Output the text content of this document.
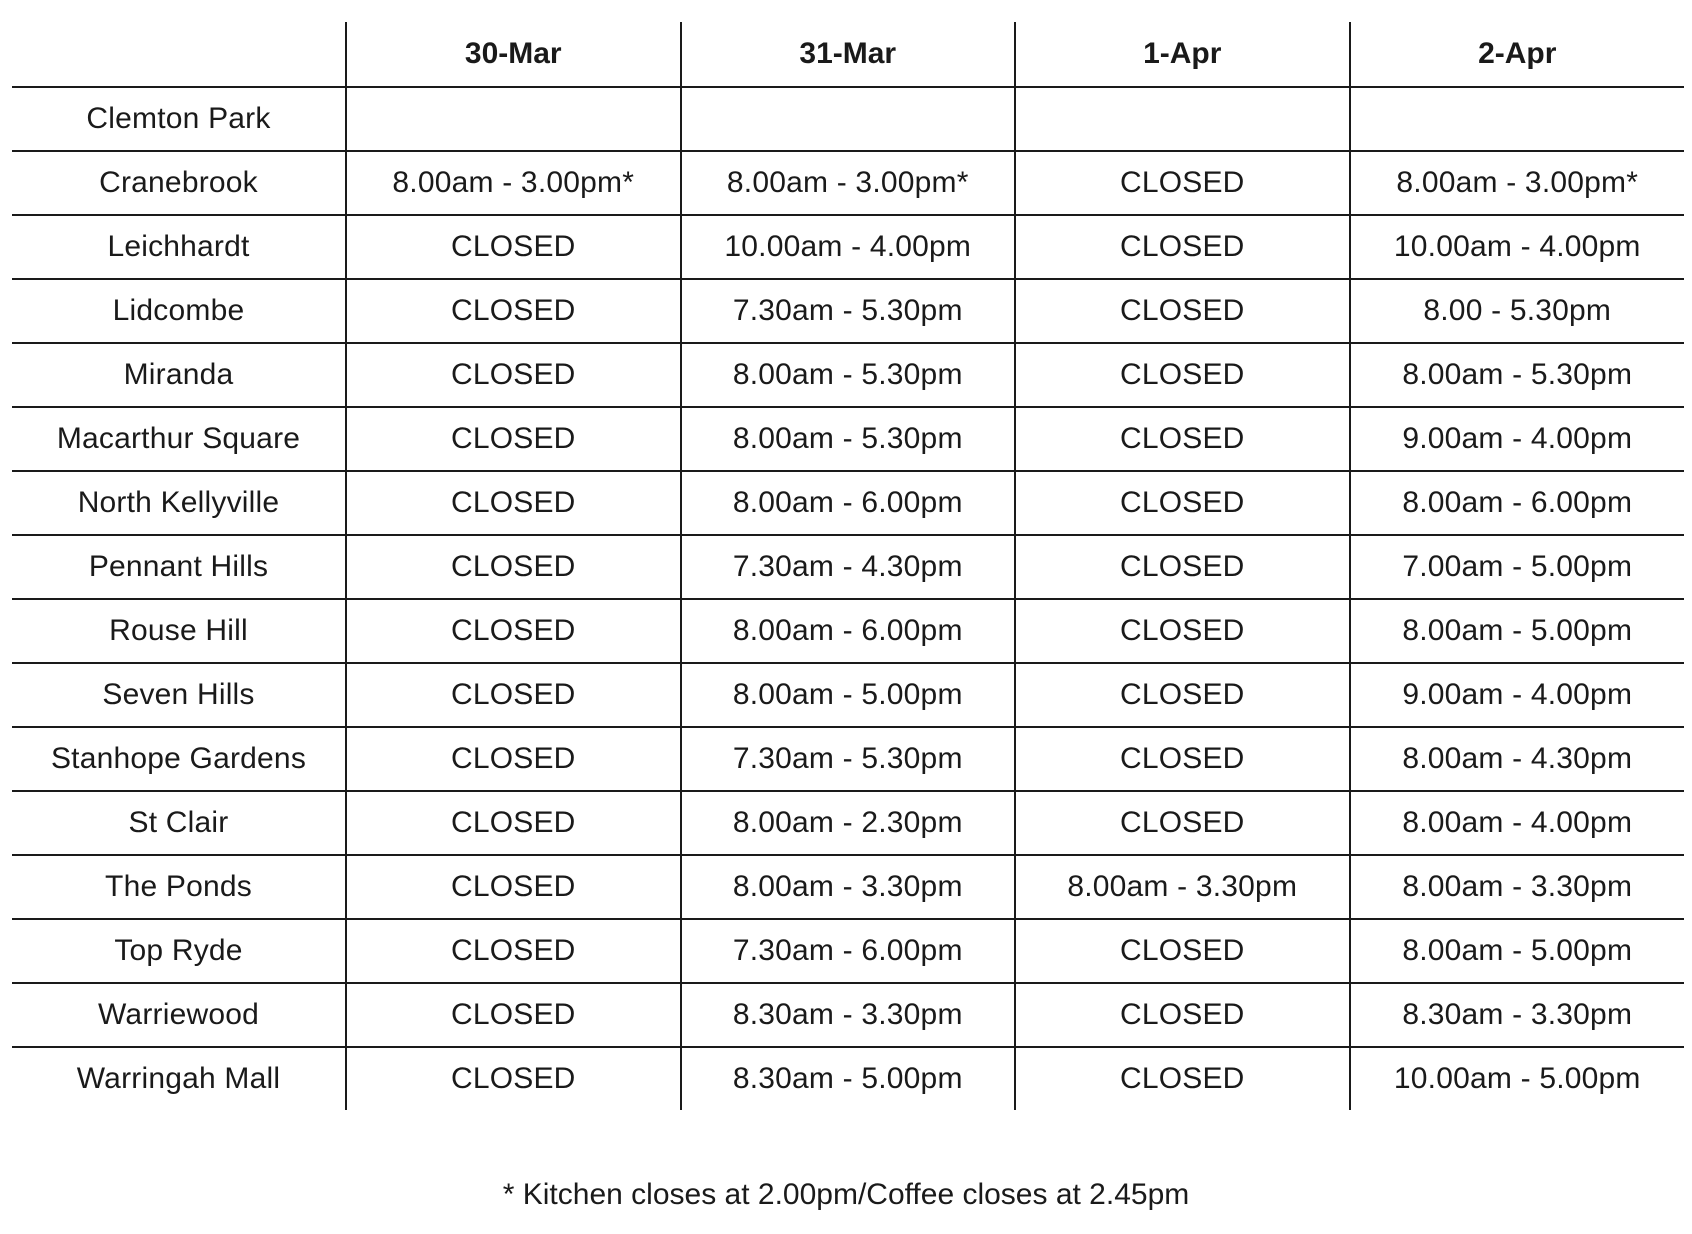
	30-Mar	31-Mar	1-Apr	2-Apr
Clemton Park				
Cranebrook	8.00am - 3.00pm*	8.00am - 3.00pm*	CLOSED	8.00am - 3.00pm*
Leichhardt	CLOSED	10.00am - 4.00pm	CLOSED	10.00am - 4.00pm
Lidcombe	CLOSED	7.30am - 5.30pm	CLOSED	8.00 - 5.30pm
Miranda	CLOSED	8.00am - 5.30pm	CLOSED	8.00am - 5.30pm
Macarthur Square	CLOSED	8.00am - 5.30pm	CLOSED	9.00am - 4.00pm
North Kellyville	CLOSED	8.00am - 6.00pm	CLOSED	8.00am - 6.00pm
Pennant Hills	CLOSED	7.30am - 4.30pm	CLOSED	7.00am - 5.00pm
Rouse Hill	CLOSED	8.00am - 6.00pm	CLOSED	8.00am - 5.00pm
Seven Hills	CLOSED	8.00am - 5.00pm	CLOSED	9.00am - 4.00pm
Stanhope Gardens	CLOSED	7.30am - 5.30pm	CLOSED	8.00am - 4.30pm
St Clair	CLOSED	8.00am - 2.30pm	CLOSED	8.00am - 4.00pm
The Ponds	CLOSED	8.00am - 3.30pm	8.00am - 3.30pm	8.00am - 3.30pm
Top Ryde	CLOSED	7.30am - 6.00pm	CLOSED	8.00am - 5.00pm
Warriewood	CLOSED	8.30am - 3.30pm	CLOSED	8.30am - 3.30pm
Warringah Mall	CLOSED	8.30am - 5.00pm	CLOSED	10.00am - 5.00pm
* Kitchen closes at 2.00pm/Coffee closes at 2.45pm
